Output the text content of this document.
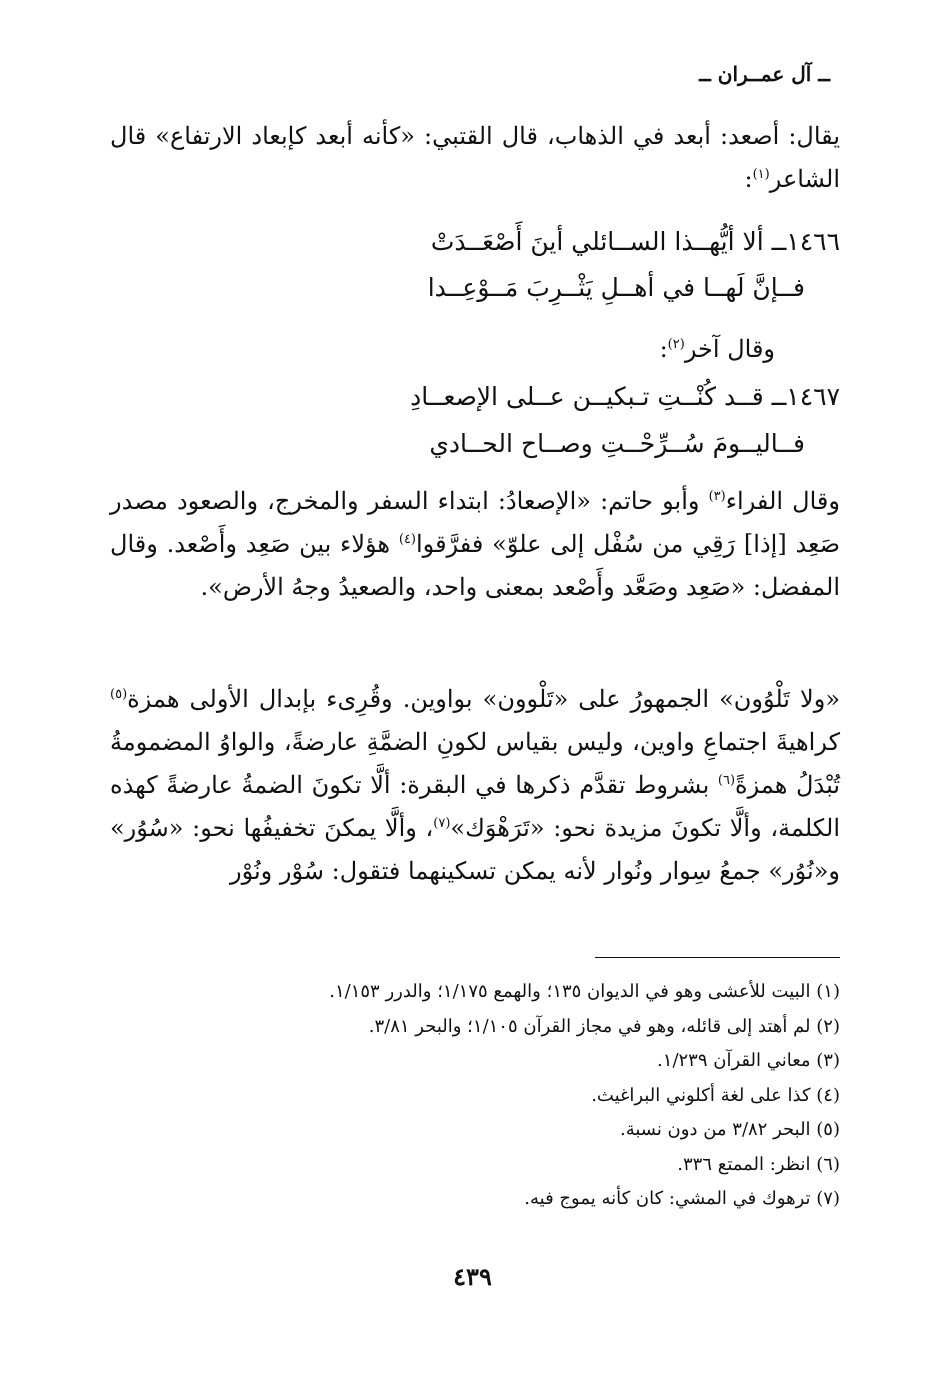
ــ آل عمــران ــ

يقال: أصعد: أبعد في الذهاب، قال القتبي: «كأنه أبعد كإبعاد الارتفاع» قال الشاعر$^{(١)}$:

١٤٦٦ــ ألا أيُّهــذا الســائلي أينَ أَصْعَــدَتْ

فــإنَّ لَهــا في أهــلِ يَثْــرِبَ مَــوْعِــدا

وقال آخر$^{(٢)}$:

١٤٦٧ــ قــد كُنْــتِ تـبكيــن عــلى الإصعــادِ

فــاليــومَ سُــرِّحْــتِ وصــاح الحــادي

وقال الفراء$^{(٣)}$ وأبو حاتم: «الإصعادُ: ابتداء السفر والمخرج، والصعود مصدر صَعِد [إذا] رَقِي من سُفْل إلى علوّ» ففرَّقوا$^{(٤)}$ هؤلاء بين صَعِد وأَصْعد. وقال المفضل: «صَعِد وصَعَّد وأَصْعد بمعنى واحد، والصعيدُ وجهُ الأرض».

«ولا تَلْوُون» الجمهورُ على «تَلْوون» بواوين. وقُرِىء بإبدال الأولى همزة$^{(٥)}$ كراهيةَ اجتماعِ واوين، وليس بقياس لكونِ الضمَّةِ عارضةً، والواوُ المضمومةُ تُبْدَلُ همزةً$^{(٦)}$ بشروط تقدَّم ذكرها في البقرة: ألَّا تكونَ الضمةُ عارضةً كهذه الكلمة، وألَّا تكونَ مزيدة نحو: «تَرَهْوَك»$^{(٧)}$، وألَّا يمكنَ تخفيفُها نحو: «سُوُر» و«نُوُر» جمعُ سِوار ونُوار لأنه يمكن تسكينهما فتقول: سُوْر ونُوْر

(١) البيت للأعشى وهو في الديوان ١٣٥؛ والهمع ١/١٧٥؛ والدرر ١/١٥٣.
(٢) لم أهتد إلى قائله، وهو في مجاز القرآن ١/١٠٥؛ والبحر ٣/٨١.
(٣) معاني القرآن ١/٢٣٩.
(٤) كذا على لغة أكلوني البراغيث.
(٥) البحر ٣/٨٢ من دون نسبة.
(٦) انظر: الممتع ٣٣٦.
(٧) ترهوك في المشي: كان كأنه يموج فيه.
٤٣٩
